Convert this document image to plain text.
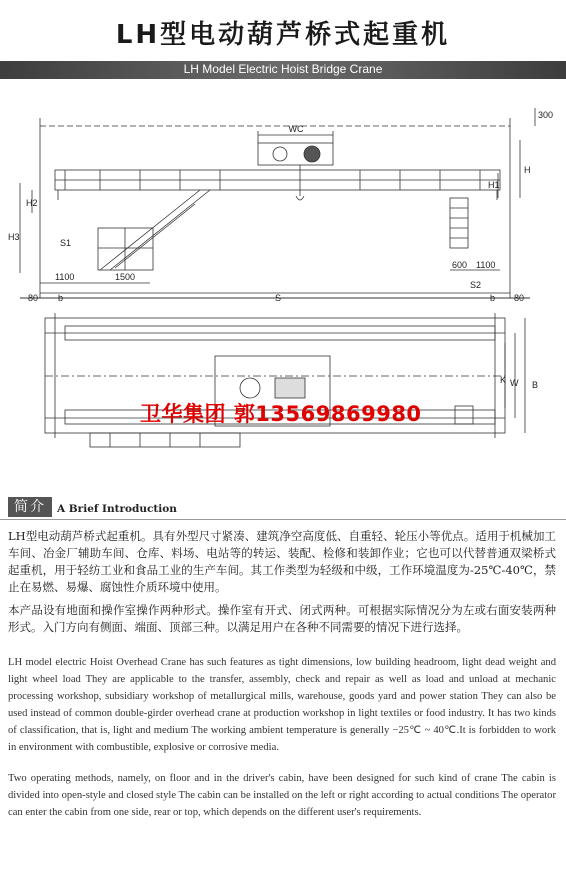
LH型电动葫芦桥式起重机
LH Model Electric Hoist Bridge Crane
WC
H
H1
H2
H3
300
1100	1500
600 1100
S1
S2
S
b	b
80	80
K W B
卫华集团 郭13569869980
简介	A Brief Introduction

LH型电动葫芦桥式起重机。具有外型尺寸紧凑、建筑净空高度低、自重轻、轮压小等优点。适用于机械加工车间、冶金厂辅助车间、仓库、料场、电站等的转运、装配、检修和装卸作业；它也可以代替普通双梁桥式起重机，用于轻纺工业和食品工业的生产车间。其工作类型为轻级和中级，工作环境温度为-25℃-40℃，禁止在易燃、易爆、腐蚀性介质环境中使用。

本产品设有地面和操作室操作两种形式。操作室有开式、闭式两种。可根据实际情况分为左或右面安装两种形式。入门方向有侧面、端面、顶部三种。以满足用户在各种不同需要的情况下进行选择。

LH model electric Hoist Overhead Crane has such features as tight dimensions, low building headroom, light dead weight and light wheel load They are applicable to the transfer, assembly, check and repair as well as load and unload at mechanic processing workshop, subsidiary workshop of metallurgical mills, warehouse, goods yard and power station They can also be used instead of common double-girder overhead crane at production workshop in light textiles or food industry. It has two kinds of classification, that is, light and medium The working ambient temperature is generally −25℃ ~ 40℃.It is forbidden to work in environment with combustible, explosive or corrosive media.

Two operating methods, namely, on floor and in the driver's cabin, have been designed for such kind of crane The cabin is divided into open-style and closed style The cabin can be installed on the left or right according to actual conditions The operator can enter the cabin from one side, rear or top, which depends on the different user's requirements.
